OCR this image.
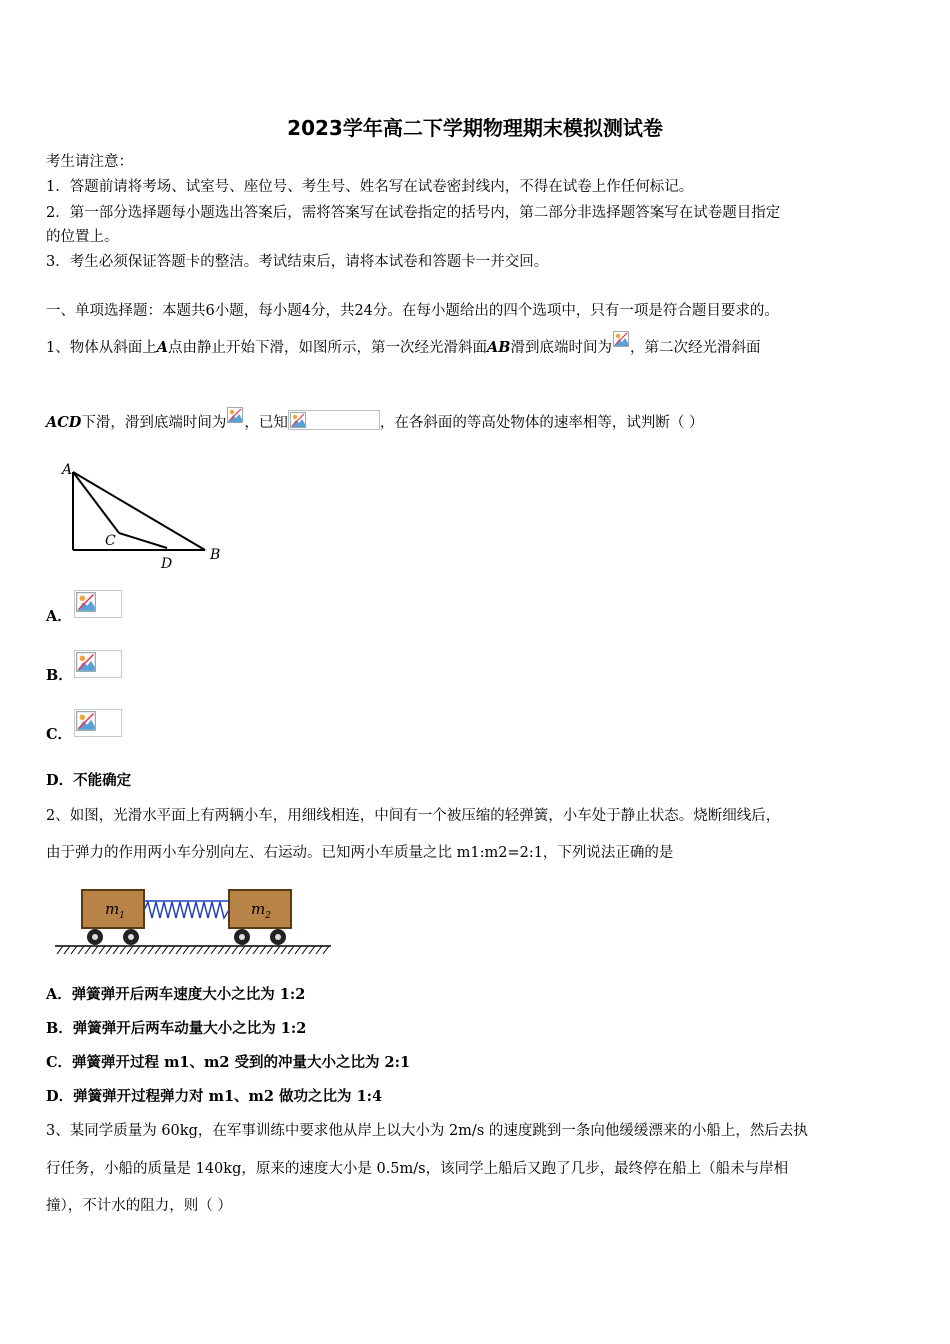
2023学年高二下学期物理期末模拟测试卷
考生请注意：
1．答题前请将考场、试室号、座位号、考生号、姓名写在试卷密封线内，不得在试卷上作任何标记。
2．第一部分选择题每小题选出答案后，需将答案写在试卷指定的括号内，第二部分非选择题答案写在试卷题目指定
的位置上。
3．考生必须保证答题卡的整洁。考试结束后，请将本试卷和答题卡一并交回。
一、单项选择题：本题共6小题，每小题4分，共24分。在每小题给出的四个选项中，只有一项是符合题目要求的。
1、物体从斜面上A点由静止开始下滑，如图所示，第一次经光滑斜面AB滑到底端时间为 ，第二次经光滑斜面
ACD下滑，滑到底端时间为 ，已知	，在各斜面的等高处物体的速率相等，试判断（ ）
A
B
C
D
A．
B．
C．
D．不能确定
2、如图，光滑水平面上有两辆小车，用细线相连，中间有一个被压缩的轻弹簧，小车处于静止状态。烧断细线后，
由于弹力的作用两小车分别向左、右运动。已知两小车质量之比 m1:m2=2:1，下列说法正确的是
$m_1$	$m_2$
A．弹簧弹开后两车速度大小之比为 1:2
B．弹簧弹开后两车动量大小之比为 1:2
C．弹簧弹开过程 m1、m2 受到的冲量大小之比为 2:1
D．弹簧弹开过程弹力对 m1、m2 做功之比为 1:4
3、某同学质量为 60kg，在军事训练中要求他从岸上以大小为 2m/s 的速度跳到一条向他缓缓漂来的小船上，然后去执
行任务，小船的质量是 140kg，原来的速度大小是 0.5m/s，该同学上船后又跑了几步，最终停在船上（船未与岸相
撞），不计水的阻力，则（ ）
